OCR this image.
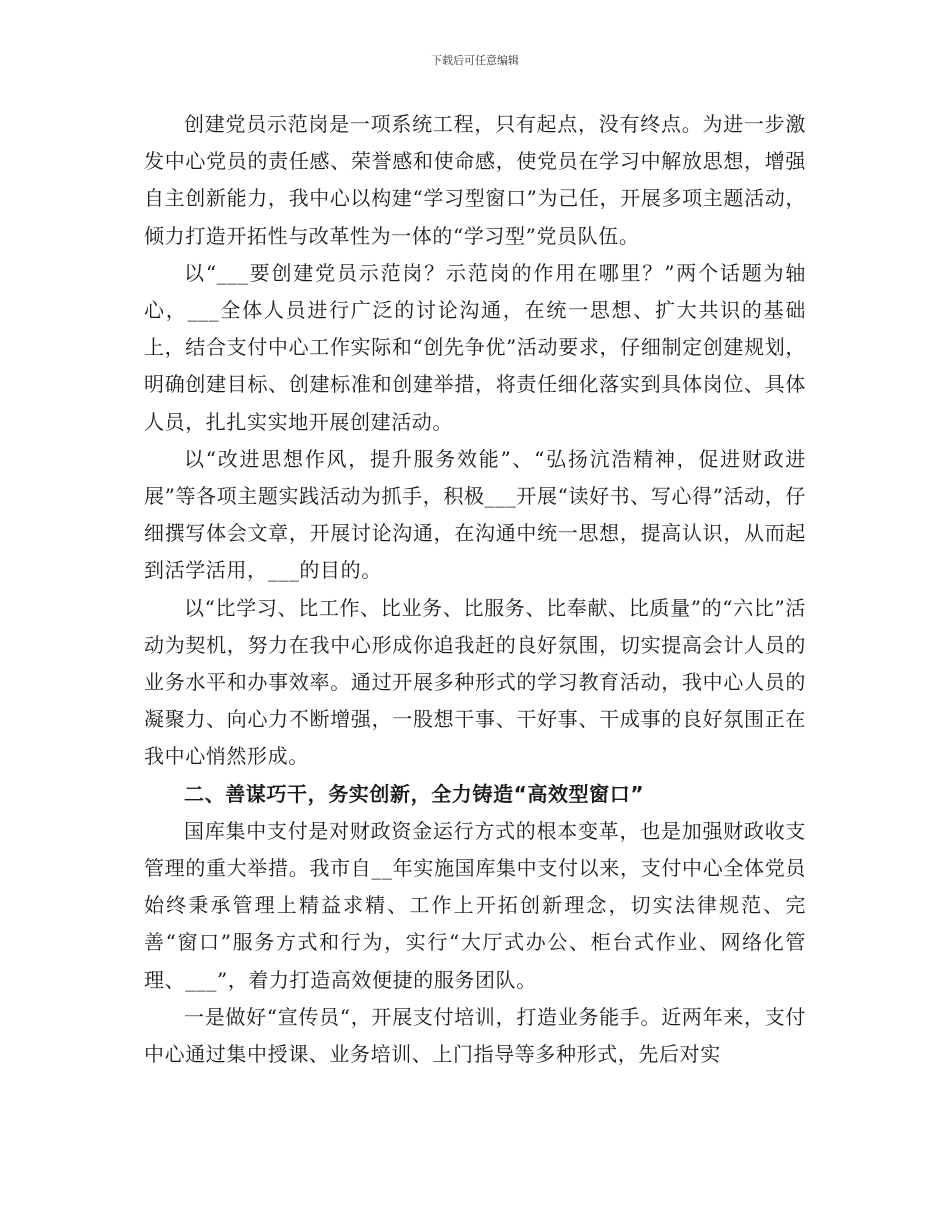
下载后可任意编辑

创建党员示范岗是一项系统工程，只有起点，没有终点。为进一步激发中心党员的责任感、荣誉感和使命感，使党员在学习中解放思想，增强自主创新能力，我中心以构建“学习型窗口”为己任，开展多项主题活动，倾力打造开拓性与改革性为一体的“学习型”党员队伍。

以“___要创建党员示范岗？示范岗的作用在哪里？”两个话题为轴心，___全体人员进行广泛的讨论沟通，在统一思想、扩大共识的基础上，结合支付中心工作实际和“创先争优”活动要求，仔细制定创建规划，明确创建目标、创建标准和创建举措，将责任细化落实到具体岗位、具体人员，扎扎实实地开展创建活动。

以“改进思想作风，提升服务效能”、“弘扬沆浩精神，促进财政进展”等各项主题实践活动为抓手，积极___开展“读好书、写心得”活动，仔细撰写体会文章，开展讨论沟通，在沟通中统一思想，提高认识，从而起到活学活用，___的目的。

以“比学习、比工作、比业务、比服务、比奉献、比质量”的“六比”活动为契机，努力在我中心形成你追我赶的良好氛围，切实提高会计人员的业务水平和办事效率。通过开展多种形式的学习教育活动，我中心人员的凝聚力、向心力不断增强，一股想干事、干好事、干成事的良好氛围正在我中心悄然形成。

二、善谋巧干，务实创新，全力铸造“高效型窗口”

国库集中支付是对财政资金运行方式的根本变革，也是加强财政收支管理的重大举措。我市自__年实施国库集中支付以来，支付中心全体党员始终秉承管理上精益求精、工作上开拓创新理念，切实法律规范、完善“窗口”服务方式和行为，实行“大厅式办公、柜台式作业、网络化管理、___”，着力打造高效便捷的服务团队。

一是做好“宣传员“，开展支付培训，打造业务能手。近两年来，支付中心通过集中授课、业务培训、上门指导等多种形式，先后对实
